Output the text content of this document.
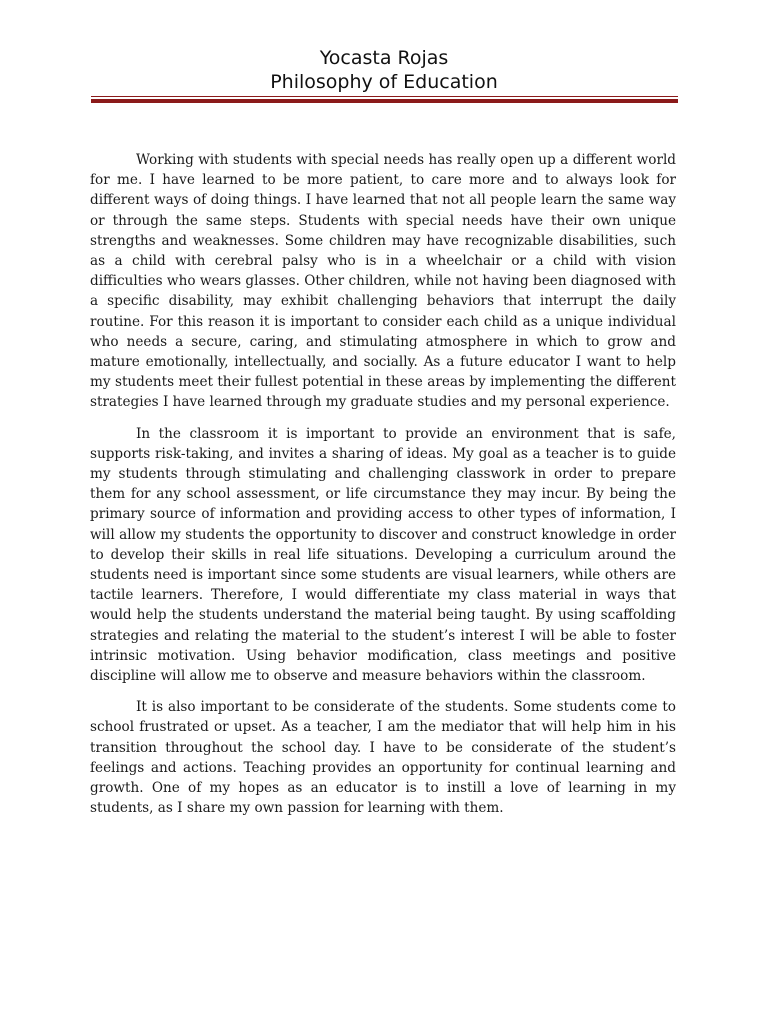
Yocasta Rojas
Philosophy of Education

Working with students with special needs has really open up a different world for me. I have learned to be more patient, to care more and to always look for different ways of doing things. I have learned that not all people learn the same way or through the same steps. Students with special needs have their own unique strengths and weaknesses. Some children may have recognizable disabilities, such as a child with cerebral palsy who is in a wheelchair or a child with vision difficulties who wears glasses. Other children, while not having been diagnosed with a specific disability, may exhibit challenging behaviors that interrupt the daily routine. For this reason it is important to consider each child as a unique individual who needs a secure, caring, and stimulating atmosphere in which to grow and mature emotionally, intellectually, and socially. As a future educator I want to help my students meet their fullest potential in these areas by implementing the different strategies I have learned through my graduate studies and my personal experience.

In the classroom it is important to provide an environment that is safe, supports risk-taking, and invites a sharing of ideas. My goal as a teacher is to guide my students through stimulating and challenging classwork in order to prepare them for any school assessment, or life circumstance they may incur. By being the primary source of information and providing access to other types of information, I will allow my students the opportunity to discover and construct knowledge in order to develop their skills in real life situations. Developing a curriculum around the students need is important since some students are visual learners, while others are tactile learners. Therefore, I would differentiate my class material in ways that would help the students understand the material being taught. By using scaffolding strategies and relating the material to the student’s interest I will be able to foster intrinsic motivation. Using behavior modification, class meetings and positive discipline will allow me to observe and measure behaviors within the classroom.

It is also important to be considerate of the students. Some students come to school frustrated or upset. As a teacher, I am the mediator that will help him in his transition throughout the school day. I have to be considerate of the student’s feelings and actions. Teaching provides an opportunity for continual learning and growth. One of my hopes as an educator is to instill a love of learning in my students, as I share my own passion for learning with them.
